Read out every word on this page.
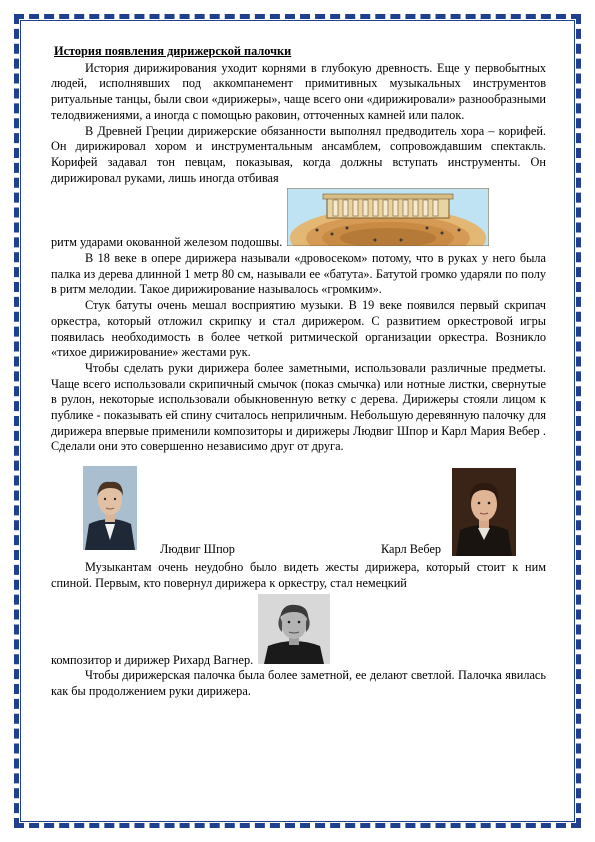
История появления дирижерской палочки

История дирижирования уходит корнями в глубокую древность. Еще у первобытных людей, исполнявших под аккомпанемент примитивных музыкальных инструментов ритуальные танцы, были свои «дирижеры», чаще всего они «дирижировали» разнообразными телодвижениями, а иногда с помощью раковин, отточенных камней или палок.

В Древней Греции дирижерские обязанности выполнял предводитель хора – корифей. Он дирижировал хором и инструментальным ансамблем, сопровождавшим спектакль. Корифей задавал тон певцам, показывая, когда должны вступать инструменты. Он дирижировал руками, лишь иногда отбивая

ритм ударами окованной железом подошвы.

В 18 веке в опере дирижера называли «дровосеком» потому, что в руках у него была палка из дерева длинной 1 метр 80 см, называли ее «батута». Батутой громко ударяли по полу в ритм мелодии. Такое дирижирование называлось «громким».

Стук батуты очень мешал восприятию музыки. В 19 веке появился первый скрипач оркестра, который отложил скрипку и стал дирижером. С развитием оркестровой игры появилась необходимость в более четкой ритмической организации оркестра. Возникло «тихое дирижирование» жестами рук.

Чтобы сделать руки дирижера более заметными, использовали различные предметы. Чаще всего использовали скрипичный смычок (показ смычка) или нотные листки, свернутые в рулон, некоторые использовали обыкновенную ветку с дерева. Дирижеры стояли лицом к публике - показывать ей спину считалось неприличным. Небольшую деревянную палочку для дирижера впервые применили композиторы и дирижеры Людвиг Шпор и Карл Мария Вебер . Сделали они это совершенно независимо друг от друга.

Людвиг Шпор	Карл Вебер

Музыкантам очень неудобно было видеть жесты дирижера, который стоит к ним спиной. Первым, кто повернул дирижера к оркестру, стал немецкий

композитор и дирижер Рихард Вагнер.

Чтобы дирижерская палочка была более заметной, ее делают светлой. Палочка явилась как бы продолжением руки дирижера.
